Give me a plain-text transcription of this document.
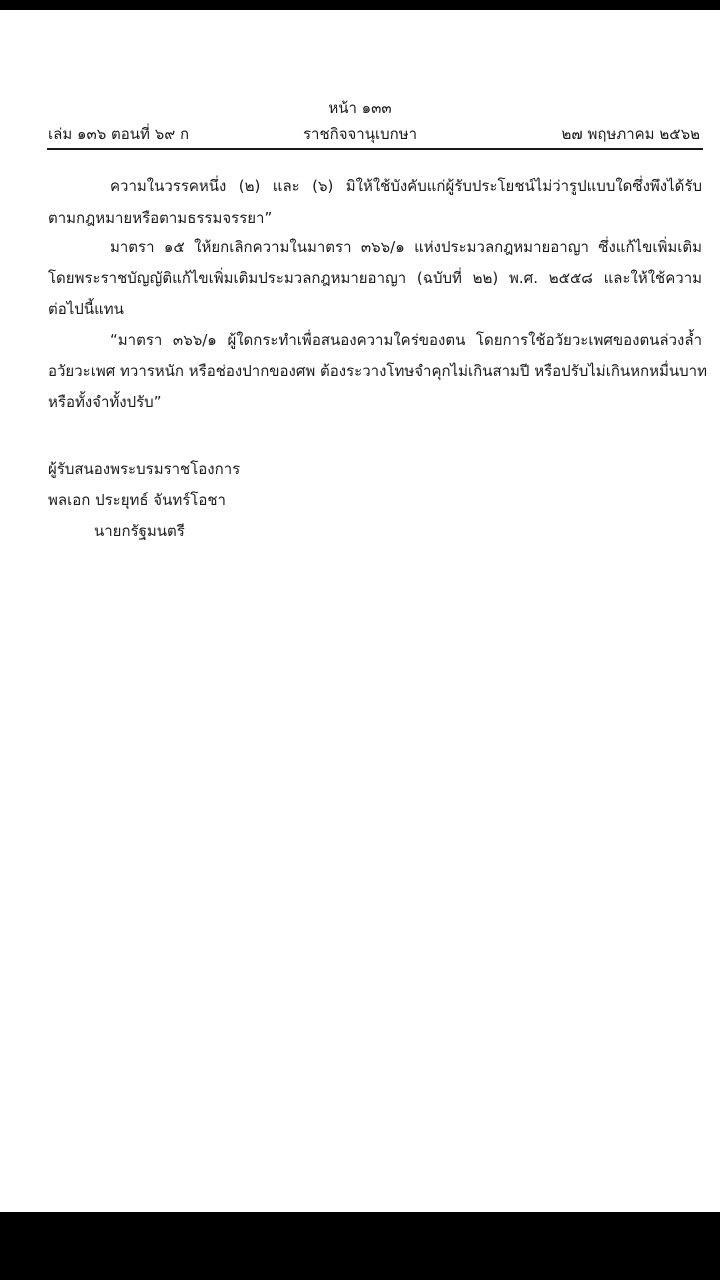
หน้า ๑๓๓
เล่ม ๑๓๖ ตอนที่ ๖๙ ก	ราชกิจจานุเบกษา	๒๗ พฤษภาคม ๒๕๖๒
ความในวรรคหนึ่ง (๒) และ (๖) มิให้ใช้บังคับแก่ผู้รับประโยชน์ไม่ว่ารูปแบบใดซึ่งพึงได้รับ
ตามกฎหมายหรือตามธรรมจรรยา”
มาตรา ๑๕ ให้ยกเลิกความในมาตรา ๓๖๖/๑ แห่งประมวลกฎหมายอาญา ซึ่งแก้ไขเพิ่มเติม
โดยพระราชบัญญัติแก้ไขเพิ่มเติมประมวลกฎหมายอาญา (ฉบับที่ ๒๒) พ.ศ. ๒๕๕๘ และให้ใช้ความ
ต่อไปนี้แทน
“มาตรา ๓๖๖/๑ ผู้ใดกระทำเพื่อสนองความใคร่ของตน โดยการใช้อวัยวะเพศของตนล่วงล้ำ
อวัยวะเพศ ทวารหนัก หรือช่องปากของศพ ต้องระวางโทษจำคุกไม่เกินสามปี หรือปรับไม่เกินหกหมื่นบาท
หรือทั้งจำทั้งปรับ”
ผู้รับสนองพระบรมราชโองการ
พลเอก ประยุทธ์ จันทร์โอชา
นายกรัฐมนตรี
